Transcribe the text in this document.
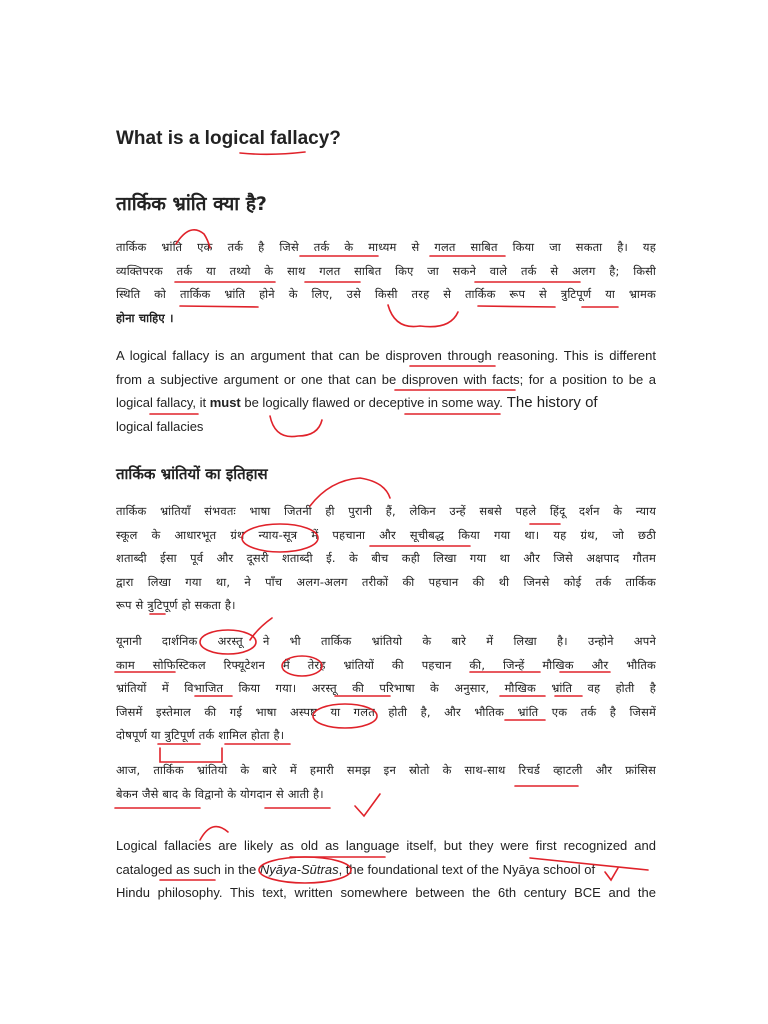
What is a logical fallacy?
तार्किक भ्रांति क्या है?
तार्किक भ्रांति एक तर्क है जिसे तर्क के माध्यम से गलत साबित किया जा सकता है। यह
व्यक्तिपरक तर्क या तथ्यो के साथ गलत साबित किए जा सकने वाले तर्क से अलग है; किसी
स्थिति को तार्किक भ्रांति होने के लिए, उसे किसी तरह से तार्किक रूप से त्रुटिपूर्ण या भ्रामक
होना चाहिए ।
A logical fallacy is an argument that can be disproven through reasoning. This is different
from a subjective argument or one that can be disproven with facts; for a position to be a
logical fallacy, it must be logically flawed or deceptive in some way. The history of
logical fallacies
तार्किक भ्रांतियों का इतिहास
तार्किक भ्रांतियाँ संभवतः भाषा जितनी ही पुरानी हैं, लेकिन उन्हें सबसे पहले हिंदू दर्शन के न्याय
स्कूल के आधारभूत ग्रंथ न्याय-सूत्र में पहचाना और सूचीबद्ध किया गया था। यह ग्रंथ, जो छठी
शताब्दी ईसा पूर्व और दूसरी शताब्दी ई. के बीच कही लिखा गया था और जिसे अक्षपाद गौतम
द्वारा लिखा गया था, ने पाँच अलग-अलग तरीकों की पहचान की थी जिनसे कोई तर्क तार्किक
रूप से त्रुटिपूर्ण हो सकता है।
यूनानी दार्शनिक अरस्तू ने भी तार्किक भ्रांतियो के बारे में लिखा है। उन्होने अपने
काम सोफिस्टिकल रिफ्यूटेशन में तेरह भ्रांतियों की पहचान की, जिन्हें मौखिक और भौतिक
भ्रांतियों में विभाजित किया गया। अरस्तू की परिभाषा के अनुसार, मौखिक भ्रांति वह होती है
जिसमें इस्तेमाल की गई भाषा अस्पष्ट या गलत होती है, और भौतिक भ्रांति एक तर्क है जिसमें
दोषपूर्ण या त्रुटिपूर्ण तर्क शामिल होता है।
आज, तार्किक भ्रांतियो के बारे में हमारी समझ इन स्रोतो के साथ-साथ रिचर्ड व्हाटली और फ्रांसिस
बेकन जैसे बाद के विद्वानो के योगदान से आती है।
Logical fallacies are likely as old as language itself, but they were first recognized and
cataloged as such in the Nyāya-Sūtras, the foundational text of the Nyāya school of
Hindu philosophy. This text, written somewhere between the 6th century BCE and the
